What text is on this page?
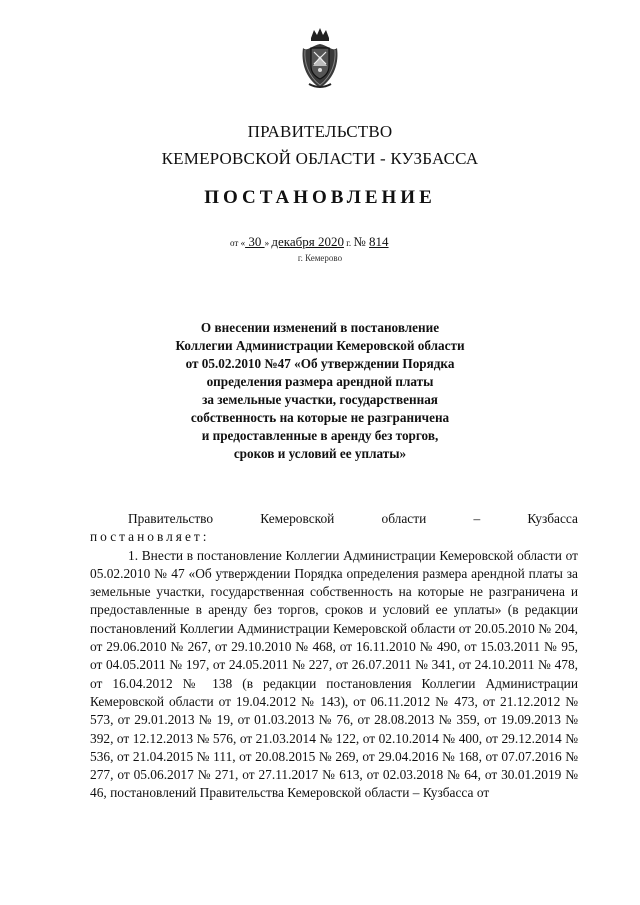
ПРАВИТЕЛЬСТВО
КЕМЕРОВСКОЙ ОБЛАСТИ - КУЗБАССА
ПОСТАНОВЛЕНИЕ
от « 30 » декабря 2020 г. № 814
г. Кемерово
О внесении изменений в постановление
Коллегии Администрации Кемеровской области
от 05.02.2010 №47 «Об утверждении Порядка
определения размера арендной платы
за земельные участки, государственная
собственность на которые не разграничена
и предоставленные в аренду без торгов,
сроков и условий ее уплаты»

Правительство Кемеровской области – Кузбасса

постановляет:

1. Внести в постановление Коллегии Администрации Кемеровской области от 05.02.2010 № 47 «Об утверждении Порядка определения размера арендной платы за земельные участки, государственная собственность на которые не разграничена и предоставленные в аренду без торгов, сроков и условий ее уплаты» (в редакции постановлений Коллегии Администрации Кемеровской области от 20.05.2010 № 204, от 29.06.2010 № 267, от 29.10.2010 № 468, от 16.11.2010 № 490, от 15.03.2011 № 95, от 04.05.2011 № 197, от 24.05.2011 № 227, от 26.07.2011 № 341, от 24.10.2011 № 478, от 16.04.2012 № 138 (в редакции постановления Коллегии Администрации Кемеровской области от 19.04.2012 № 143), от 06.11.2012 № 473, от 21.12.2012 № 573, от 29.01.2013 № 19, от 01.03.2013 № 76, от 28.08.2013 № 359, от 19.09.2013 № 392, от 12.12.2013 № 576, от 21.03.2014 № 122, от 02.10.2014 № 400, от 29.12.2014 № 536, от 21.04.2015 № 111, от 20.08.2015 № 269, от 29.04.2016 № 168, от 07.07.2016 № 277, от 05.06.2017 № 271, от 27.11.2017 № 613, от 02.03.2018 № 64, от 30.01.2019 № 46, постановлений Правительства Кемеровской области – Кузбасса от
